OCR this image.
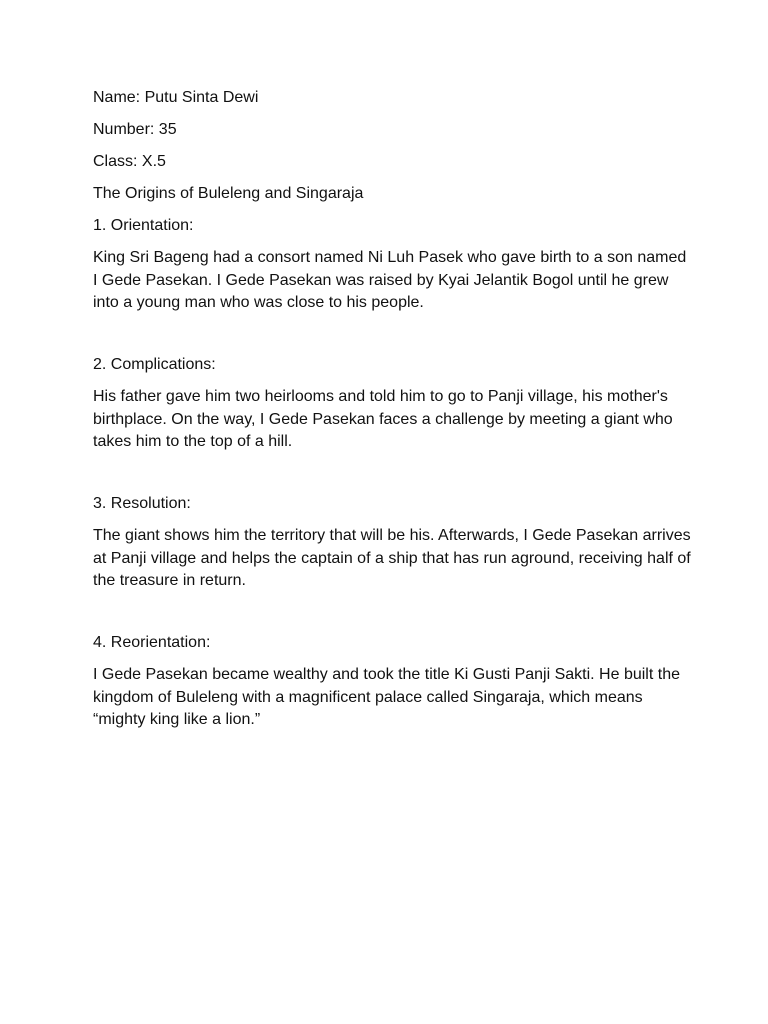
Name: Putu Sinta Dewi

Number: 35

Class: X.5

The Origins of Buleleng and Singaraja

1. Orientation:

King Sri Bageng had a consort named Ni Luh Pasek who gave birth to a son named I Gede Pasekan. I Gede Pasekan was raised by Kyai Jelantik Bogol until he grew into a young man who was close to his people.

2. Complications:

His father gave him two heirlooms and told him to go to Panji village, his mother's birthplace. On the way, I Gede Pasekan faces a challenge by meeting a giant who takes him to the top of a hill.

3. Resolution:

The giant shows him the territory that will be his. Afterwards, I Gede Pasekan arrives at Panji village and helps the captain of a ship that has run aground, receiving half of the treasure in return.

4. Reorientation:

I Gede Pasekan became wealthy and took the title Ki Gusti Panji Sakti. He built the kingdom of Buleleng with a magnificent palace called Singaraja, which means “mighty king like a lion.”
